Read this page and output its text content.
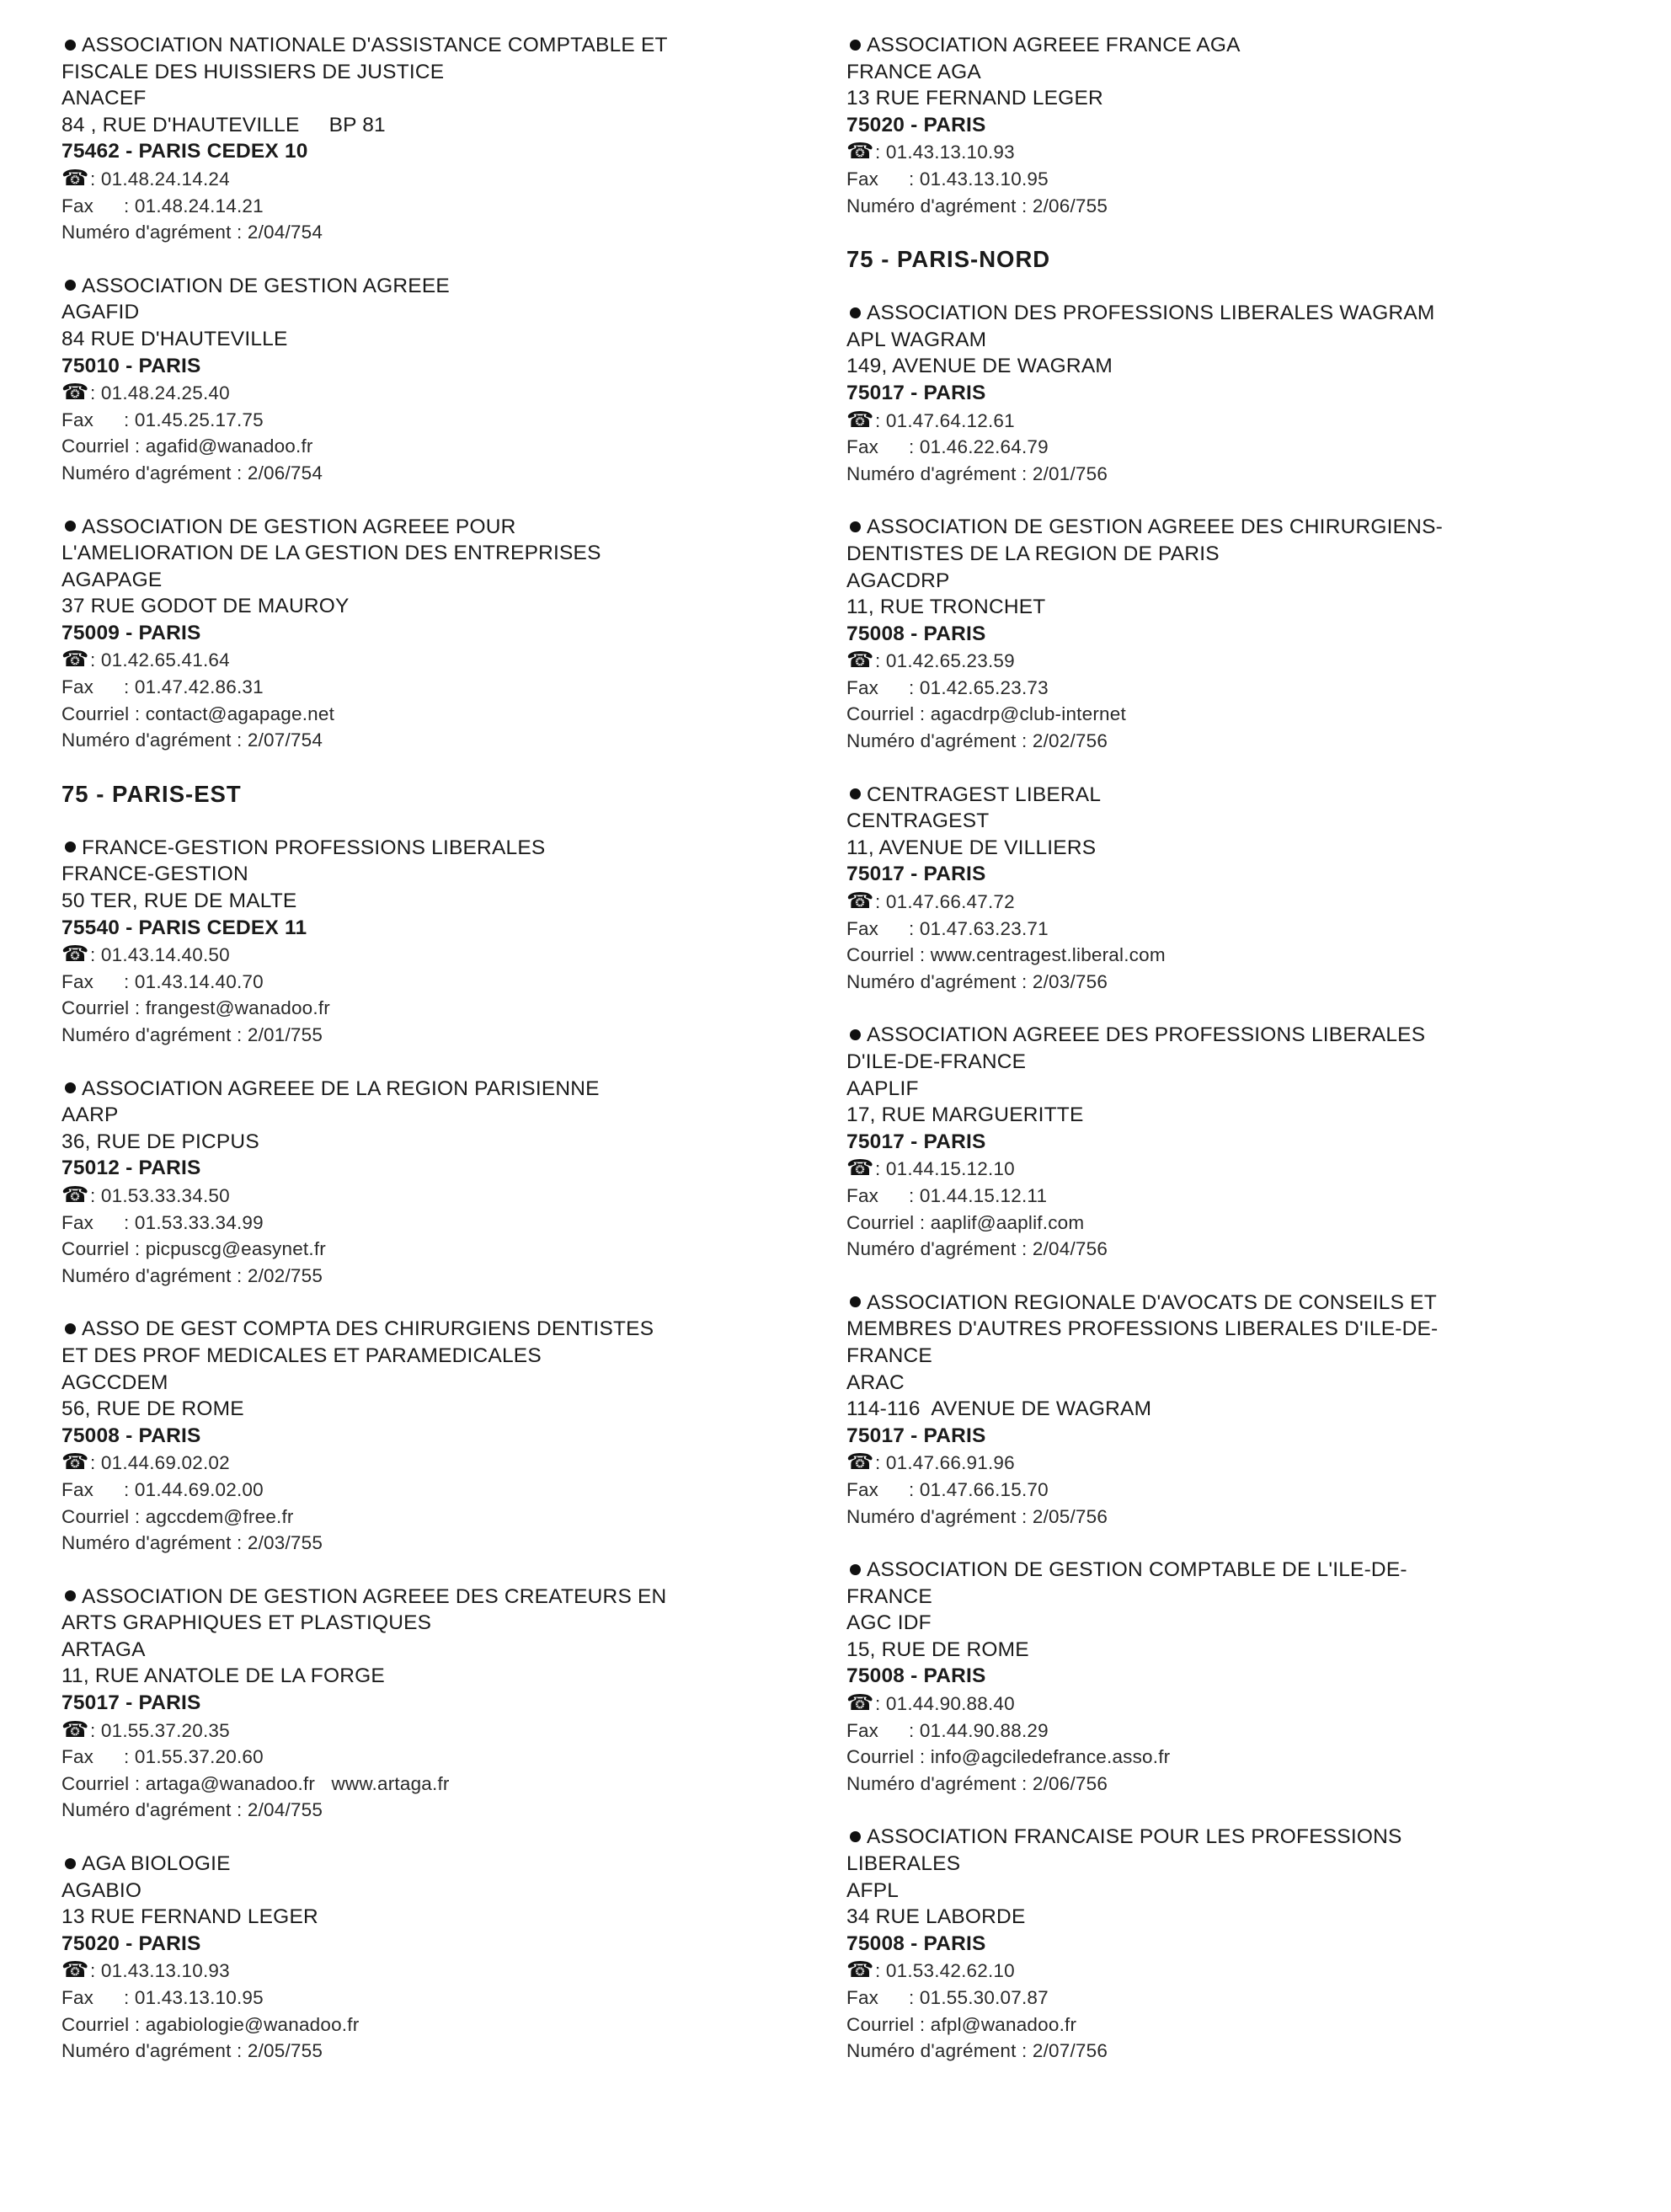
ASSOCIATION NATIONALE D'ASSISTANCE COMPTABLE ET
FISCALE DES HUISSIERS DE JUSTICE
ANACEF
84 , RUE D'HAUTEVILLE     BP 81
75462 - PARIS CEDEX 10
☎: 01.48.24.14.24
Fax : 01.48.24.14.21
Numéro d'agrément : 2/04/754
ASSOCIATION DE GESTION AGREEE
AGAFID
84 RUE D'HAUTEVILLE
75010 - PARIS
☎: 01.48.24.25.40
Fax : 01.45.25.17.75
Courriel : agafid@wanadoo.fr
Numéro d'agrément : 2/06/754
ASSOCIATION DE GESTION AGREEE POUR
L'AMELIORATION DE LA GESTION DES ENTREPRISES
AGAPAGE
37 RUE GODOT DE MAUROY
75009 - PARIS
☎: 01.42.65.41.64
Fax : 01.47.42.86.31
Courriel : contact@agapage.net
Numéro d'agrément : 2/07/754
75 - PARIS-EST
FRANCE-GESTION PROFESSIONS LIBERALES
FRANCE-GESTION
50 TER, RUE DE MALTE
75540 - PARIS CEDEX 11
☎: 01.43.14.40.50
Fax : 01.43.14.40.70
Courriel : frangest@wanadoo.fr
Numéro d'agrément : 2/01/755
ASSOCIATION AGREEE DE LA REGION PARISIENNE
AARP
36, RUE DE PICPUS
75012 - PARIS
☎: 01.53.33.34.50
Fax : 01.53.33.34.99
Courriel : picpuscg@easynet.fr
Numéro d'agrément : 2/02/755
ASSO DE GEST COMPTA DES CHIRURGIENS DENTISTES
ET DES PROF MEDICALES ET PARAMEDICALES
AGCCDEM
56, RUE DE ROME
75008 - PARIS
☎: 01.44.69.02.02
Fax : 01.44.69.02.00
Courriel : agccdem@free.fr
Numéro d'agrément : 2/03/755
ASSOCIATION DE GESTION AGREEE DES CREATEURS EN
ARTS GRAPHIQUES ET PLASTIQUES
ARTAGA
11, RUE ANATOLE DE LA FORGE
75017 - PARIS
☎: 01.55.37.20.35
Fax : 01.55.37.20.60
Courriel : artaga@wanadoo.fr   www.artaga.fr
Numéro d'agrément : 2/04/755
AGA BIOLOGIE
AGABIO
13 RUE FERNAND LEGER
75020 - PARIS
☎: 01.43.13.10.93
Fax : 01.43.13.10.95
Courriel : agabiologie@wanadoo.fr
Numéro d'agrément : 2/05/755
ASSOCIATION AGREEE FRANCE AGA
FRANCE AGA
13 RUE FERNAND LEGER
75020 - PARIS
☎: 01.43.13.10.93
Fax : 01.43.13.10.95
Numéro d'agrément : 2/06/755
75 - PARIS-NORD
ASSOCIATION DES PROFESSIONS LIBERALES WAGRAM
APL WAGRAM
149, AVENUE DE WAGRAM
75017 - PARIS
☎: 01.47.64.12.61
Fax : 01.46.22.64.79
Numéro d'agrément : 2/01/756
ASSOCIATION DE GESTION AGREEE DES CHIRURGIENS-
DENTISTES DE LA REGION DE PARIS
AGACDRP
11, RUE TRONCHET
75008 - PARIS
☎: 01.42.65.23.59
Fax : 01.42.65.23.73
Courriel : agacdrp@club-internet
Numéro d'agrément : 2/02/756
CENTRAGEST LIBERAL
CENTRAGEST
11, AVENUE DE VILLIERS
75017 - PARIS
☎: 01.47.66.47.72
Fax : 01.47.63.23.71
Courriel : www.centragest.liberal.com
Numéro d'agrément : 2/03/756
ASSOCIATION AGREEE DES PROFESSIONS LIBERALES
D'ILE-DE-FRANCE
AAPLIF
17, RUE MARGUERITTE
75017 - PARIS
☎: 01.44.15.12.10
Fax : 01.44.15.12.11
Courriel : aaplif@aaplif.com
Numéro d'agrément : 2/04/756
ASSOCIATION REGIONALE D'AVOCATS DE CONSEILS ET
MEMBRES D'AUTRES PROFESSIONS LIBERALES D'ILE-DE-
FRANCE
ARAC
114-116  AVENUE DE WAGRAM
75017 - PARIS
☎: 01.47.66.91.96
Fax : 01.47.66.15.70
Numéro d'agrément : 2/05/756
ASSOCIATION DE GESTION COMPTABLE DE L'ILE-DE-
FRANCE
AGC IDF
15, RUE DE ROME
75008 - PARIS
☎: 01.44.90.88.40
Fax : 01.44.90.88.29
Courriel : info@agciledefrance.asso.fr
Numéro d'agrément : 2/06/756
ASSOCIATION FRANCAISE POUR LES PROFESSIONS
LIBERALES
AFPL
34 RUE LABORDE
75008 - PARIS
☎: 01.53.42.62.10
Fax : 01.55.30.07.87
Courriel : afpl@wanadoo.fr
Numéro d'agrément : 2/07/756
